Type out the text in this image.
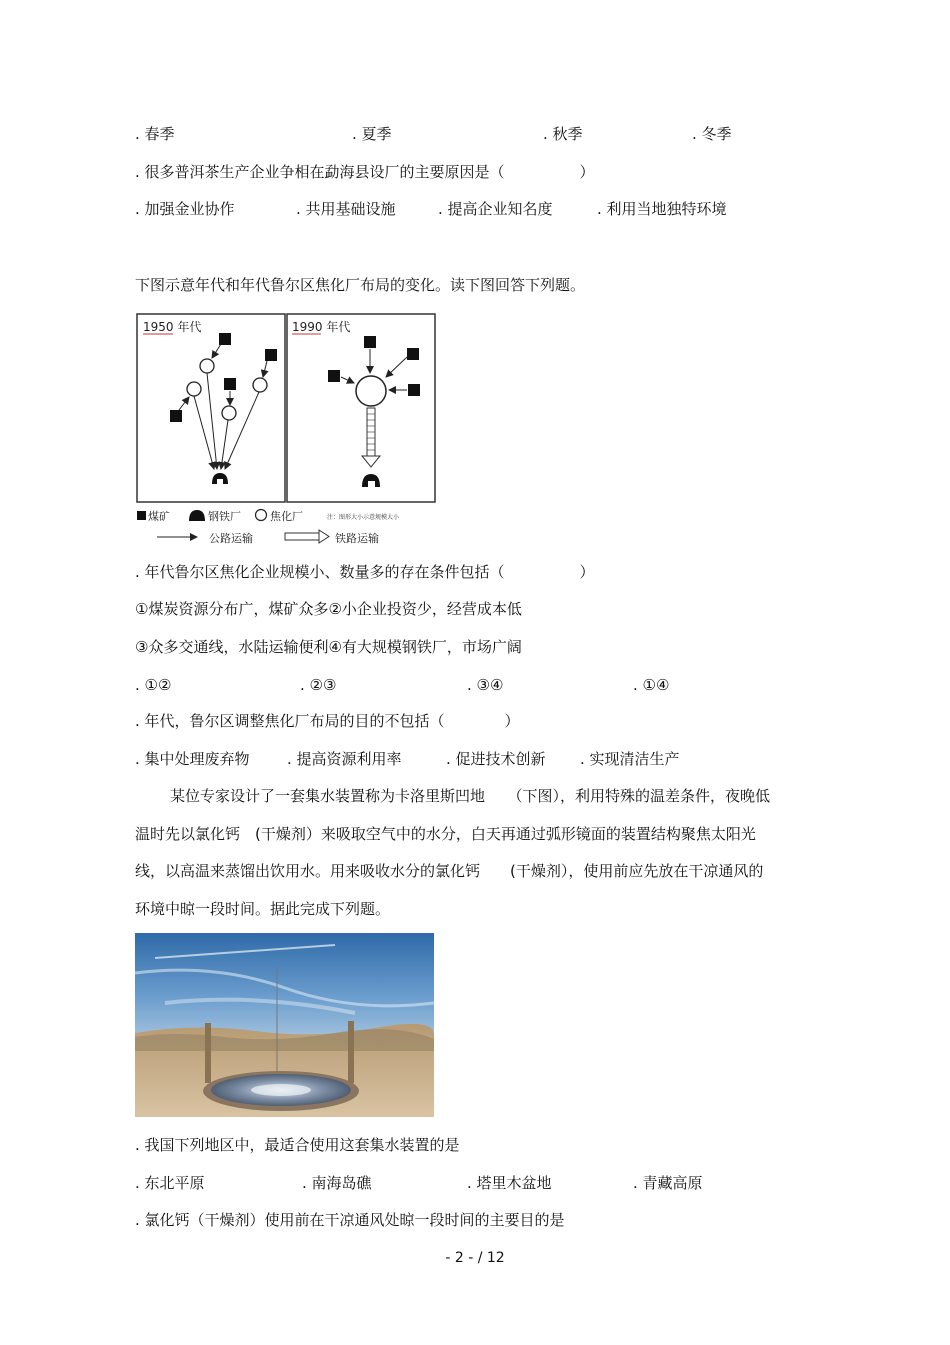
. 春季	. 夏季	. 秋季	. 冬季
. 很多普洱茶生产企业争相在勐海县设厂的主要原因是（　　　　　）
. 加强金业协作	. 共用基础设施	. 提高企业知名度	. 利用当地独特环境
下图示意年代和年代鲁尔区焦化厂布局的变化。读下图回答下列题。
1950 年代	1990 年代
煤矿	钢铁厂	焦化厂	注：图形大小示意规模大小
公路运输	铁路运输
. 年代鲁尔区焦化企业规模小、数量多的存在条件包括（　　　　　）
①煤炭资源分布广，煤矿众多②小企业投资少，经营成本低
③众多交通线，水陆运输便利④有大规模钢铁厂，市场广阔
. ①②	. ②③	. ③④	. ①④
. 年代，鲁尔区调整焦化厂布局的目的不包括（　　　　）
. 集中处理废弃物 . 提高资源利用率	. 促进技术创新 . 实现清洁生产
某位专家设计了一套集水装置称为卡洛里斯凹地　　（下图），利用特殊的温差条件，夜晚低
温时先以氯化钙　(干燥剂）来吸取空气中的水分，白天再通过弧形镜面的装置结构聚焦太阳光
线，以高温来蒸馏出饮用水。用来吸收水分的氯化钙　　(干燥剂），使用前应先放在干凉通风的
环境中晾一段时间。据此完成下列题。
. 我国下列地区中，最适合使用这套集水装置的是
. 东北平原	. 南海岛礁	. 塔里木盆地	. 青藏高原
. 氯化钙（干燥剂）使用前在干凉通风处晾一段时间的主要目的是
- 2 - / 12
